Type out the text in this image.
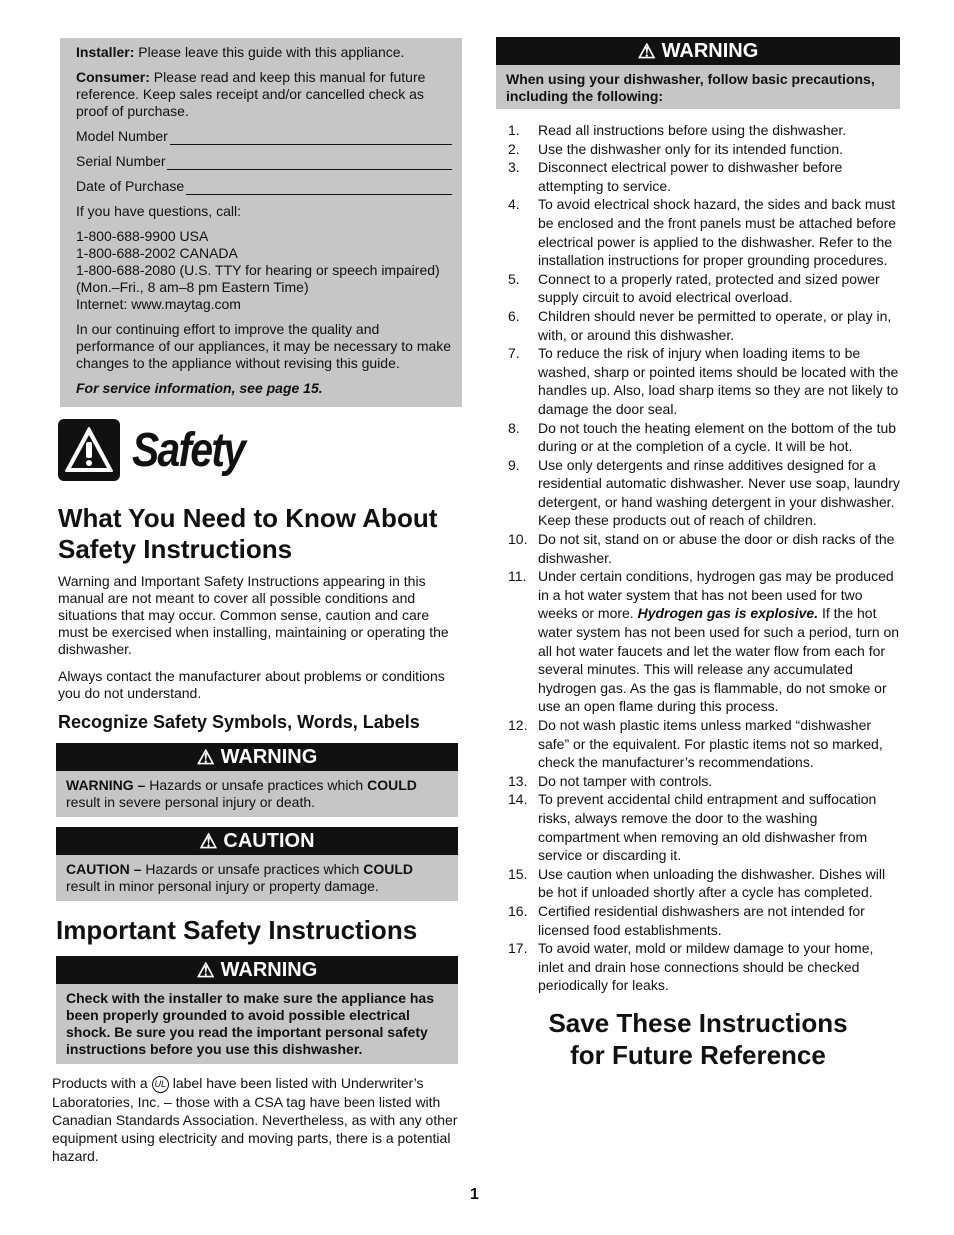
Installer: Please leave this guide with this appliance.

Consumer: Please read and keep this manual for future reference. Keep sales receipt and/or cancelled check as proof of purchase.

Model Number
Serial Number
Date of Purchase

If you have questions, call:

1-800-688-9900 USA
1-800-688-2002 CANADA
1-800-688-2080 (U.S. TTY for hearing or speech impaired) (Mon.–Fri., 8 am–8 pm Eastern Time)
Internet: www.maytag.com

In our continuing effort to improve the quality and performance of our appliances, it may be necessary to make changes to the appliance without revising this guide.

For service information, see page 15.

Safety
What You Need to Know About Safety Instructions

Warning and Important Safety Instructions appearing in this manual are not meant to cover all possible conditions and situations that may occur. Common sense, caution and care must be exercised when installing, maintaining or operating the dishwasher.

Always contact the manufacturer about problems or conditions you do not understand.

Recognize Safety Symbols, Words, Labels
⚠ WARNING
WARNING – Hazards or unsafe practices which COULD result in severe personal injury or death.
⚠ CAUTION
CAUTION – Hazards or unsafe practices which COULD result in minor personal injury or property damage.
Important Safety Instructions
⚠ WARNING
Check with the installer to make sure the appliance has been properly grounded to avoid possible electrical shock. Be sure you read the important personal safety instructions before you use this dishwasher.

Products with a UL label have been listed with Underwriter’s Laboratories, Inc. – those with a CSA tag have been listed with Canadian Standards Association. Nevertheless, as with any other equipment using electricity and moving parts, there is a potential hazard.

⚠ WARNING
When using your dishwasher, follow basic precautions, including the following:
1.	Read all instructions before using the dishwasher.
2.	Use the dishwasher only for its intended function.
3.	Disconnect electrical power to dishwasher before attempting to service.
4.	To avoid electrical shock hazard, the sides and back must be enclosed and the front panels must be attached before electrical power is applied to the dishwasher. Refer to the installation instructions for proper grounding procedures.
5.	Connect to a properly rated, protected and sized power supply circuit to avoid electrical overload.
6.	Children should never be permitted to operate, or play in, with, or around this dishwasher.
7.	To reduce the risk of injury when loading items to be washed, sharp or pointed items should be located with the handles up. Also, load sharp items so they are not likely to damage the door seal.
8.	Do not touch the heating element on the bottom of the tub during or at the completion of a cycle. It will be hot.
9.	Use only detergents and rinse additives designed for a residential automatic dishwasher. Never use soap, laundry detergent, or hand washing detergent in your dishwasher. Keep these products out of reach of children.
10. Do not sit, stand on or abuse the door or dish racks of the dishwasher.
11. Under certain conditions, hydrogen gas may be produced in a hot water system that has not been used for two weeks or more. Hydrogen gas is explosive. If the hot water system has not been used for such a period, turn on all hot water faucets and let the water flow from each for several minutes. This will release any accumulated hydrogen gas. As the gas is flammable, do not smoke or use an open flame during this process.
12. Do not wash plastic items unless marked “dishwasher safe” or the equivalent. For plastic items not so marked, check the manufacturer’s recommendations.
13. Do not tamper with controls.
14. To prevent accidental child entrapment and suffocation risks, always remove the door to the washing compartment when removing an old dishwasher from service or discarding it.
15. Use caution when unloading the dishwasher. Dishes will be hot if unloaded shortly after a cycle has completed.
16. Certified residential dishwashers are not intended for licensed food establishments.
17. To avoid water, mold or mildew damage to your home, inlet and drain hose connections should be checked periodically for leaks.
Save These Instructions
for Future Reference
1
